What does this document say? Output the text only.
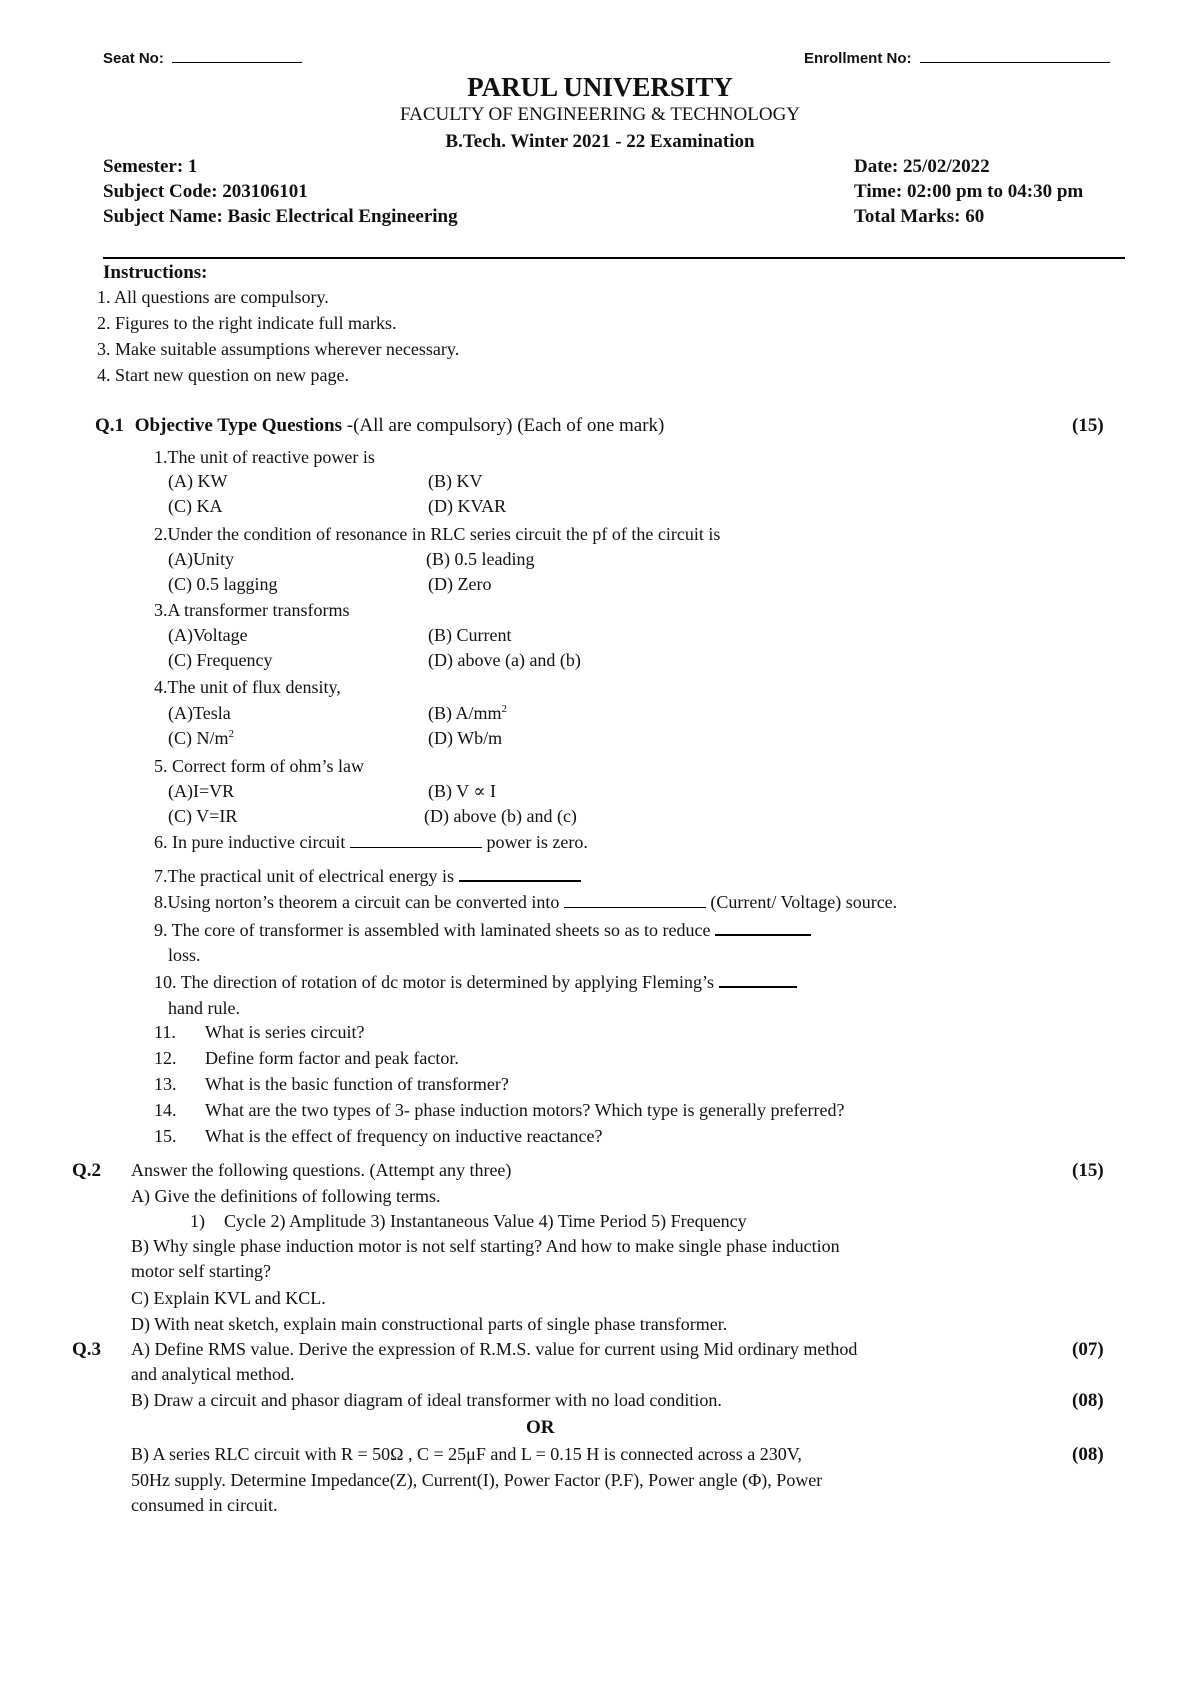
Seat No:	Enrollment No:
PARUL UNIVERSITY
FACULTY OF ENGINEERING & TECHNOLOGY
B.Tech. Winter 2021 - 22 Examination
Semester: 1	Date: 25/02/2022
Subject Code: 203106101	Time: 02:00 pm to 04:30 pm
Subject Name: Basic Electrical Engineering	Total Marks: 60
Instructions:
1. All questions are compulsory.
2. Figures to the right indicate full marks.
3. Make suitable assumptions wherever necessary.
4. Start new question on new page.
Q.1 Objective Type Questions -(All are compulsory) (Each of one mark)	(15)
1.The unit of reactive power is
(A) KW	(B) KV
(C) KA	(D) KVAR
2.Under the condition of resonance in RLC series circuit the pf of the circuit is
(A)Unity	(B) 0.5 leading
(C) 0.5 lagging	(D) Zero
3.A transformer transforms
(A)Voltage	(B) Current
(C) Frequency	(D) above (a) and (b)
4.The unit of flux density,
(A)Tesla	(B) $A/mm^2$
(C) $N/m^2$	(D) Wb/m
5. Correct form of ohm’s law
(A)I=VR	(B) V ∝ I
(C) V=IR	(D) above (b) and (c)
6. In pure inductive circuit	power is zero.
7.The practical unit of electrical energy is
8.Using norton’s theorem a circuit can be converted into	(Current/ Voltage) source.
9. The core of transformer is assembled with laminated sheets so as to reduce
loss.
10. The direction of rotation of dc motor is determined by applying Fleming’s
hand rule.
11. What is series circuit?
12. Define form factor and peak factor.
13. What is the basic function of transformer?
14. What are the two types of 3- phase induction motors? Which type is generally preferred?
15. What is the effect of frequency on inductive reactance?
Q.2 Answer the following questions. (Attempt any three)	(15)
A) Give the definitions of following terms.
1) Cycle 2) Amplitude 3) Instantaneous Value 4) Time Period 5) Frequency
B) Why single phase induction motor is not self starting? And how to make single phase induction
motor self starting?
C) Explain KVL and KCL.
D) With neat sketch, explain main constructional parts of single phase transformer.
Q.3 A) Define RMS value. Derive the expression of R.M.S. value for current using Mid ordinary method	(07)
and analytical method.
B) Draw a circuit and phasor diagram of ideal transformer with no load condition.	(08)
OR
B) A series RLC circuit with R = 50Ω , C = 25μF and L = 0.15 H is connected across a 230V,	(08)
50Hz supply. Determine Impedance(Z), Current(I), Power Factor (P.F), Power angle (Φ), Power
consumed in circuit.
